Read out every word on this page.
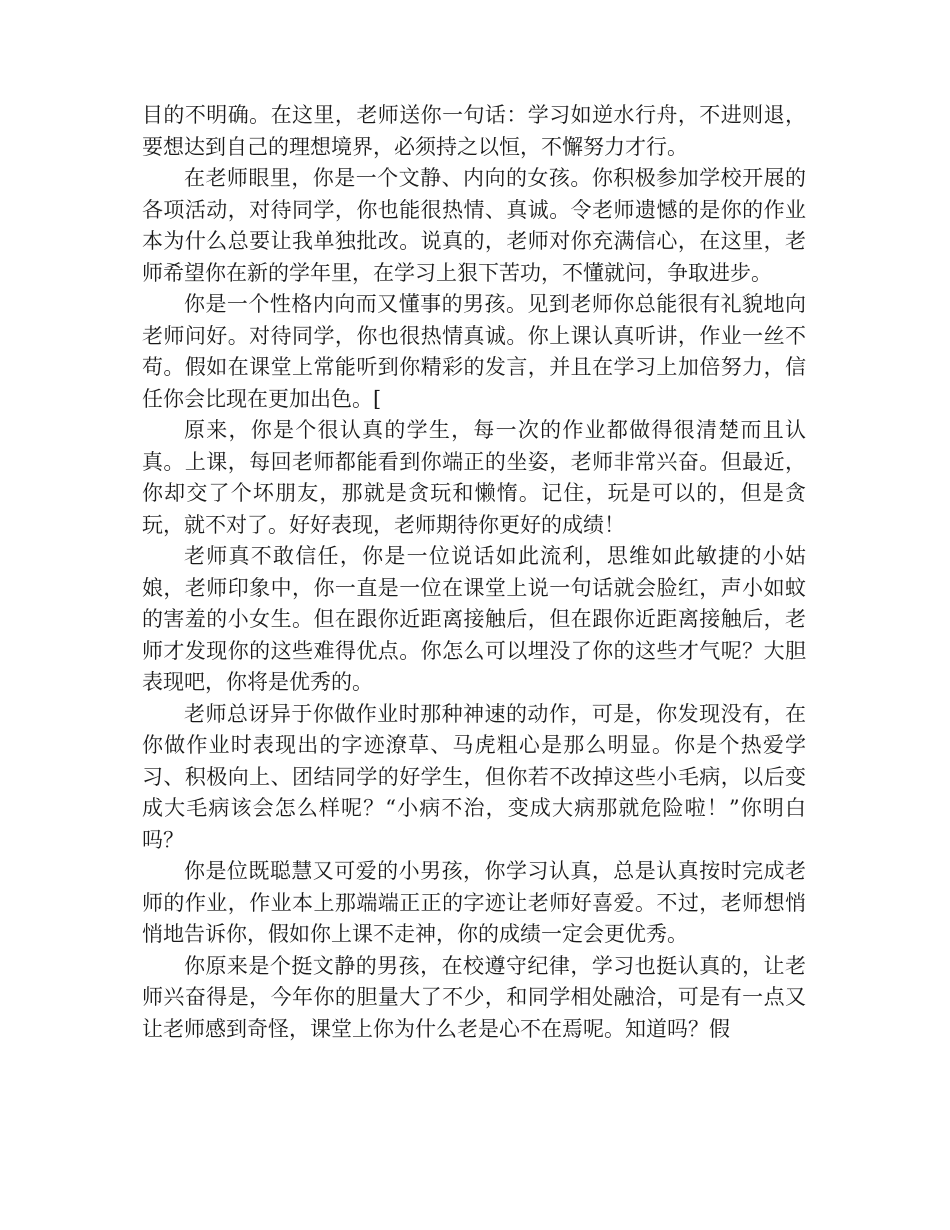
目的不明确。在这里，老师送你一句话：学习如逆水行舟，不进则退，要想达到自己的理想境界，必须持之以恒，不懈努力才行。

在老师眼里，你是一个文静、内向的女孩。你积极参加学校开展的各项活动，对待同学，你也能很热情、真诚。令老师遗憾的是你的作业本为什么总要让我单独批改。说真的，老师对你充满信心，在这里，老师希望你在新的学年里，在学习上狠下苦功，不懂就问，争取进步。

你是一个性格内向而又懂事的男孩。见到老师你总能很有礼貌地向老师问好。对待同学，你也很热情真诚。你上课认真听讲，作业一丝不苟。假如在课堂上常能听到你精彩的发言，并且在学习上加倍努力，信任你会比现在更加出色。[

原来，你是个很认真的学生，每一次的作业都做得很清楚而且认真。上课，每回老师都能看到你端正的坐姿，老师非常兴奋。但最近，你却交了个坏朋友，那就是贪玩和懒惰。记住，玩是可以的，但是贪玩，就不对了。好好表现，老师期待你更好的成绩！

老师真不敢信任，你是一位说话如此流利，思维如此敏捷的小姑娘，老师印象中，你一直是一位在课堂上说一句话就会脸红，声小如蚊的害羞的小女生。但在跟你近距离接触后，但在跟你近距离接触后，老师才发现你的这些难得优点。你怎么可以埋没了你的这些才气呢？大胆表现吧，你将是优秀的。

老师总讶异于你做作业时那种神速的动作，可是，你发现没有，在你做作业时表现出的字迹潦草、马虎粗心是那么明显。你是个热爱学习、积极向上、团结同学的好学生，但你若不改掉这些小毛病，以后变成大毛病该会怎么样呢？“小病不治，变成大病那就危险啦！”你明白吗？

你是位既聪慧又可爱的小男孩，你学习认真，总是认真按时完成老师的作业，作业本上那端端正正的字迹让老师好喜爱。不过，老师想悄悄地告诉你，假如你上课不走神，你的成绩一定会更优秀。

你原来是个挺文静的男孩，在校遵守纪律，学习也挺认真的，让老师兴奋得是，今年你的胆量大了不少，和同学相处融洽，可是有一点又让老师感到奇怪，课堂上你为什么老是心不在焉呢。知道吗？假
